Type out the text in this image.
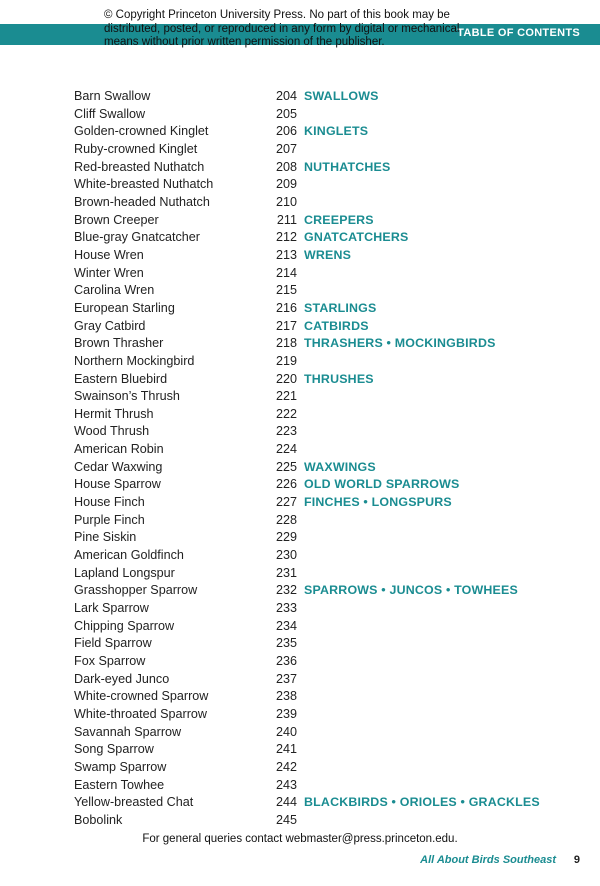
TABLE OF CONTENTS
© Copyright Princeton University Press. No part of this book may be distributed, posted, or reproduced in any form by digital or mechanical means without prior written permission of the publisher.
Barn Swallow	204 SWALLOWS
Cliff Swallow	205
Golden-crowned Kinglet	206 KINGLETS
Ruby-crowned Kinglet	207
Red-breasted Nuthatch	208 NUTHATCHES
White-breasted Nuthatch	209
Brown-headed Nuthatch	210
Brown Creeper	211 CREEPERS
Blue-gray Gnatcatcher	212 GNATCATCHERS
House Wren	213 WRENS
Winter Wren	214
Carolina Wren	215
European Starling	216 STARLINGS
Gray Catbird	217 CATBIRDS
Brown Thrasher	218 THRASHERS • MOCKINGBIRDS
Northern Mockingbird	219
Eastern Bluebird	220 THRUSHES
Swainson’s Thrush	221
Hermit Thrush	222
Wood Thrush	223
American Robin	224
Cedar Waxwing	225 WAXWINGS
House Sparrow	226 OLD WORLD SPARROWS
House Finch	227 FINCHES • LONGSPURS
Purple Finch	228
Pine Siskin	229
American Goldfinch	230
Lapland Longspur	231
Grasshopper Sparrow	232 SPARROWS • JUNCOS • TOWHEES
Lark Sparrow	233
Chipping Sparrow	234
Field Sparrow	235
Fox Sparrow	236
Dark-eyed Junco	237
White-crowned Sparrow	238
White-throated Sparrow	239
Savannah Sparrow	240
Song Sparrow	241
Swamp Sparrow	242
Eastern Towhee	243
Yellow-breasted Chat	244 BLACKBIRDS • ORIOLES • GRACKLES
Bobolink	245
For general queries contact webmaster@press.princeton.edu.
All About Birds Southeast 9
